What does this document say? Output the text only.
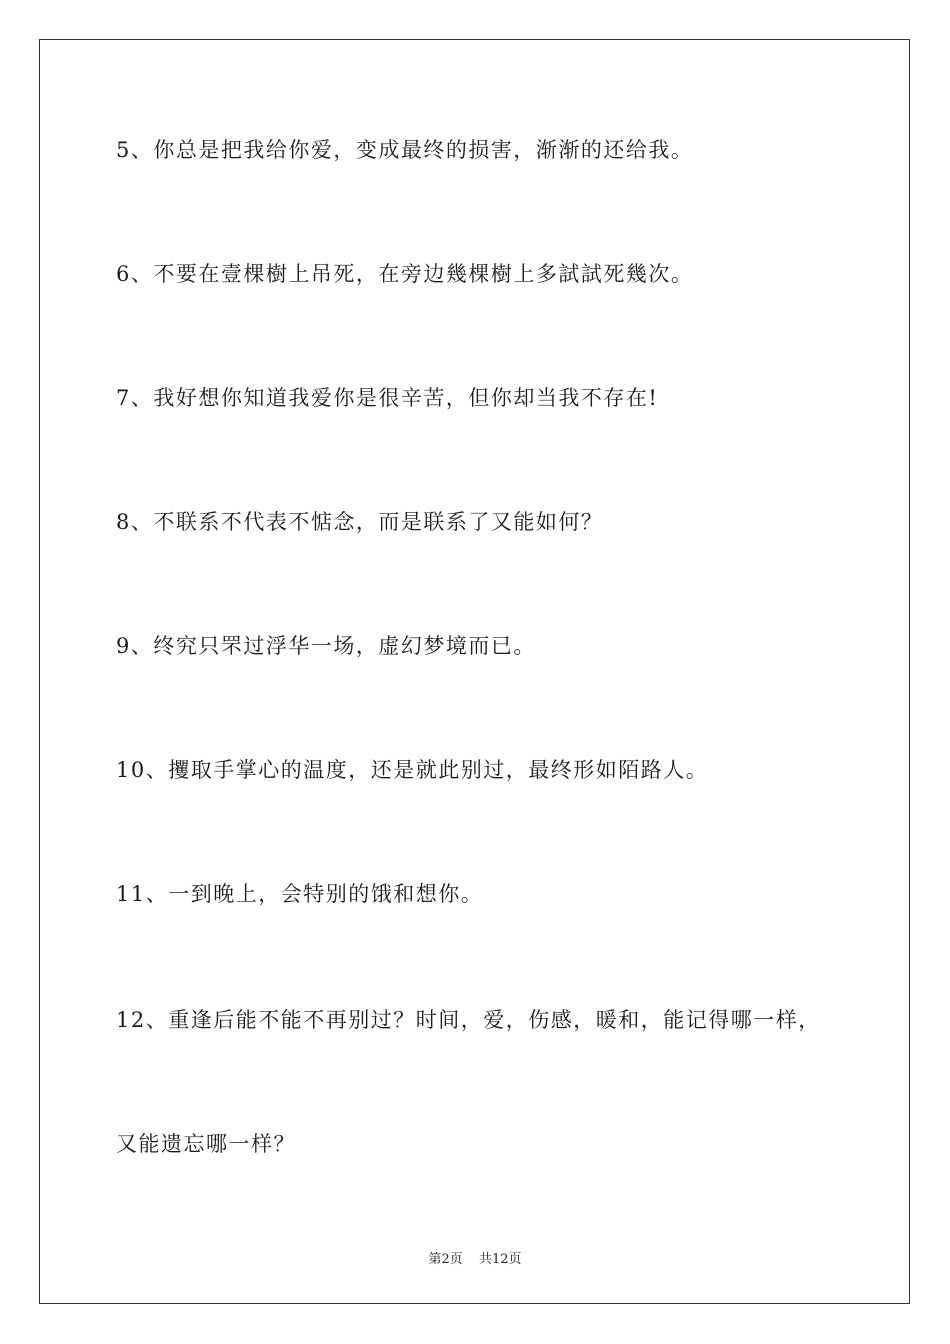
5、你总是把我给你爱，变成最终的损害，渐渐的还给我。
6、不要在壹棵樹上吊死，在旁边幾棵樹上多試試死幾次。
7、我好想你知道我爱你是很辛苦，但你却当我不存在!
8、不联系不代表不惦念，而是联系了又能如何？
9、终究只罘过浮华一场，虚幻梦境而已。
10、攫取手掌心的温度，还是就此别过，最终形如陌路人。
11、一到晚上，会特别的饿和想你。
12、重逢后能不能不再别过？时间，爱，伤感，暖和，能记得哪一样，
又能遗忘哪一样？
第2页 共12页
